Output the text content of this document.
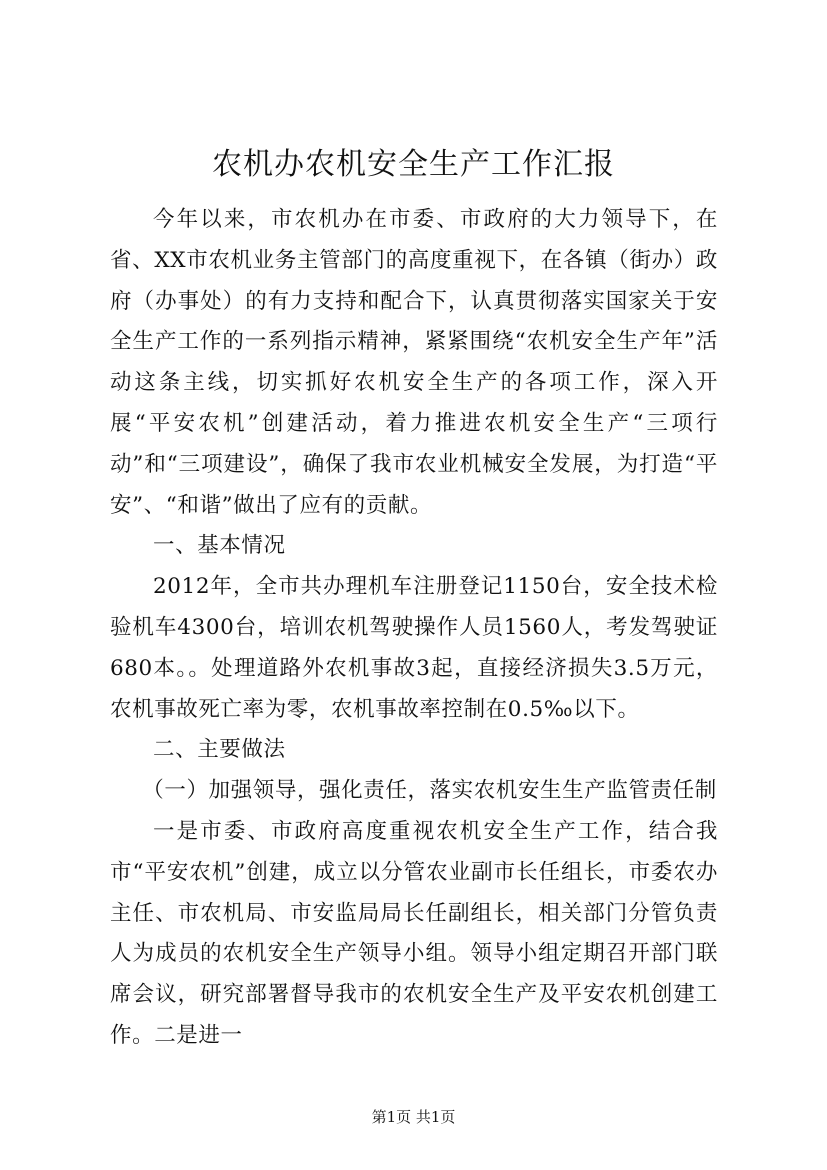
农机办农机安全生产工作汇报

今年以来，市农机办在市委、市政府的大力领导下，在省、XX市农机业务主管部门的高度重视下，在各镇（街办）政府（办事处）的有力支持和配合下，认真贯彻落实国家关于安全生产工作的一系列指示精神，紧紧围绕“农机安全生产年”活动这条主线，切实抓好农机安全生产的各项工作，深入开展“平安农机”创建活动，着力推进农机安全生产“三项行动”和“三项建设”，确保了我市农业机械安全发展，为打造“平安”、“和谐”做出了应有的贡献。

一、基本情况

2012年，全市共办理机车注册登记1150台，安全技术检验机车4300台，培训农机驾驶操作人员1560人，考发驾驶证680本。。处理道路外农机事故3起，直接经济损失3.5万元，农机事故死亡率为零，农机事故率控制在0.5‰以下。

二、主要做法

（一）加强领导，强化责任，落实农机安生生产监管责任制

一是市委、市政府高度重视农机安全生产工作，结合我市“平安农机”创建，成立以分管农业副市长任组长，市委农办主任、市农机局、市安监局局长任副组长，相关部门分管负责人为成员的农机安全生产领导小组。领导小组定期召开部门联席会议，研究部署督导我市的农机安全生产及平安农机创建工作。二是进一

第1页 共1页
